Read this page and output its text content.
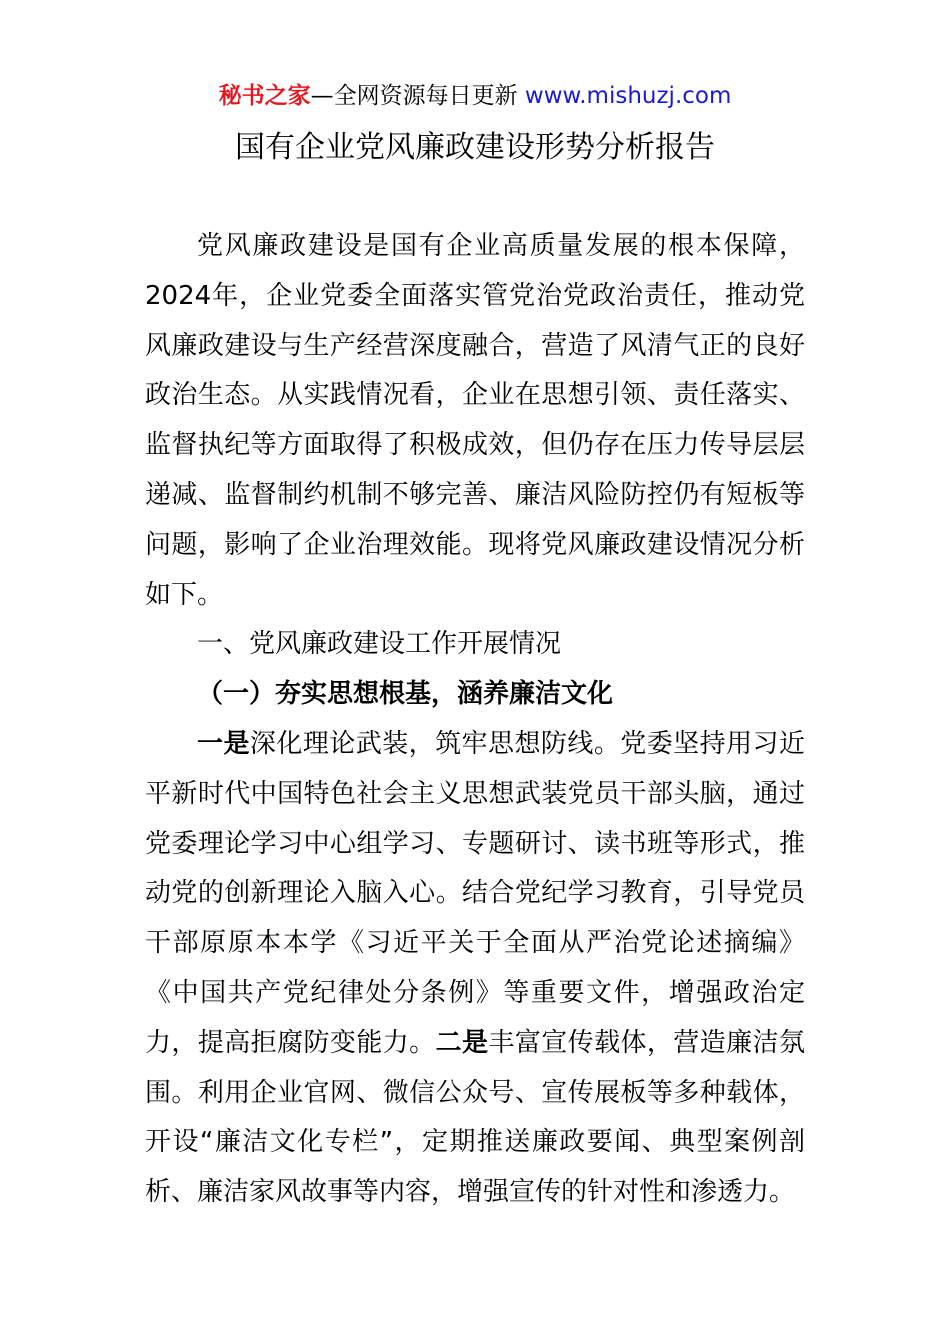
秘书之家—全网资源每日更新 www.mishuzj.com
国有企业党风廉政建设形势分析报告

党风廉政建设是国有企业高质量发展的根本保障，2024年，企业党委全面落实管党治党政治责任，推动党风廉政建设与生产经营深度融合，营造了风清气正的良好政治生态。从实践情况看，企业在思想引领、责任落实、监督执纪等方面取得了积极成效，但仍存在压力传导层层递减、监督制约机制不够完善、廉洁风险防控仍有短板等问题，影响了企业治理效能。现将党风廉政建设情况分析如下。

一、党风廉政建设工作开展情况

（一）夯实思想根基，涵养廉洁文化

一是深化理论武装，筑牢思想防线。党委坚持用习近平新时代中国特色社会主义思想武装党员干部头脑，通过党委理论学习中心组学习、专题研讨、读书班等形式，推动党的创新理论入脑入心。结合党纪学习教育，引导党员干部原原本本学《习近平关于全面从严治党论述摘编》《中国共产党纪律处分条例》等重要文件，增强政治定力，提高拒腐防变能力。二是丰富宣传载体，营造廉洁氛围。利用企业官网、微信公众号、宣传展板等多种载体，开设“廉洁文化专栏”，定期推送廉政要闻、典型案例剖析、廉洁家风故事等内容，增强宣传的针对性和渗透力。
